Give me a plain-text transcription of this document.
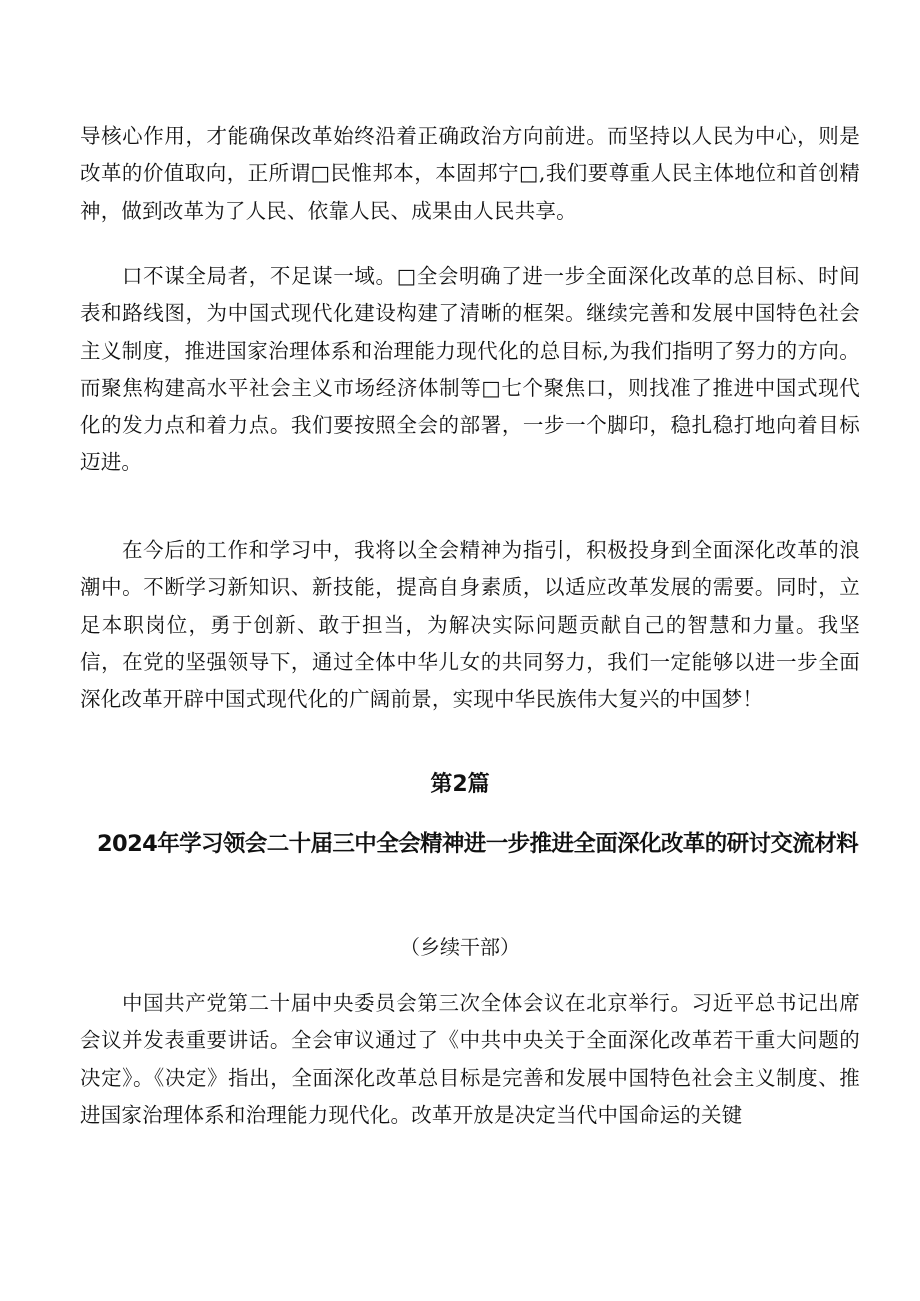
导核心作用，才能确保改革始终沿着正确政治方向前进。而坚持以人民为中心，则是改革的价值取向，正所谓□民惟邦本，本固邦宁□,我们要尊重人民主体地位和首创精神，做到改革为了人民、依靠人民、成果由人民共享。

口不谋全局者，不足谋一域。□全会明确了进一步全面深化改革的总目标、时间表和路线图，为中国式现代化建设构建了清晰的框架。继续完善和发展中国特色社会主义制度，推进国家治理体系和治理能力现代化的总目标,为我们指明了努力的方向。而聚焦构建高水平社会主义市场经济体制等□七个聚焦口，则找准了推进中国式现代化的发力点和着力点。我们要按照全会的部署，一步一个脚印，稳扎稳打地向着目标迈进。

在今后的工作和学习中，我将以全会精神为指引，积极投身到全面深化改革的浪潮中。不断学习新知识、新技能，提高自身素质，以适应改革发展的需要。同时，立足本职岗位，勇于创新、敢于担当，为解决实际问题贡献自己的智慧和力量。我坚信，在党的坚强领导下，通过全体中华儿女的共同努力，我们一定能够以进一步全面深化改革开辟中国式现代化的广阔前景，实现中华民族伟大复兴的中国梦！

第2篇
2024年学习领会二十届三中全会精神进一步推进全面深化改革的研讨交流材料

（乡续干部）

中国共产党第二十届中央委员会第三次全体会议在北京举行。习近平总书记出席会议并发表重要讲话。全会审议通过了《中共中央关于全面深化改革若干重大问题的决定》。《决定》指出，全面深化改革总目标是完善和发展中国特色社会主义制度、推进国家治理体系和治理能力现代化。改革开放是决定当代中国命运的关键
